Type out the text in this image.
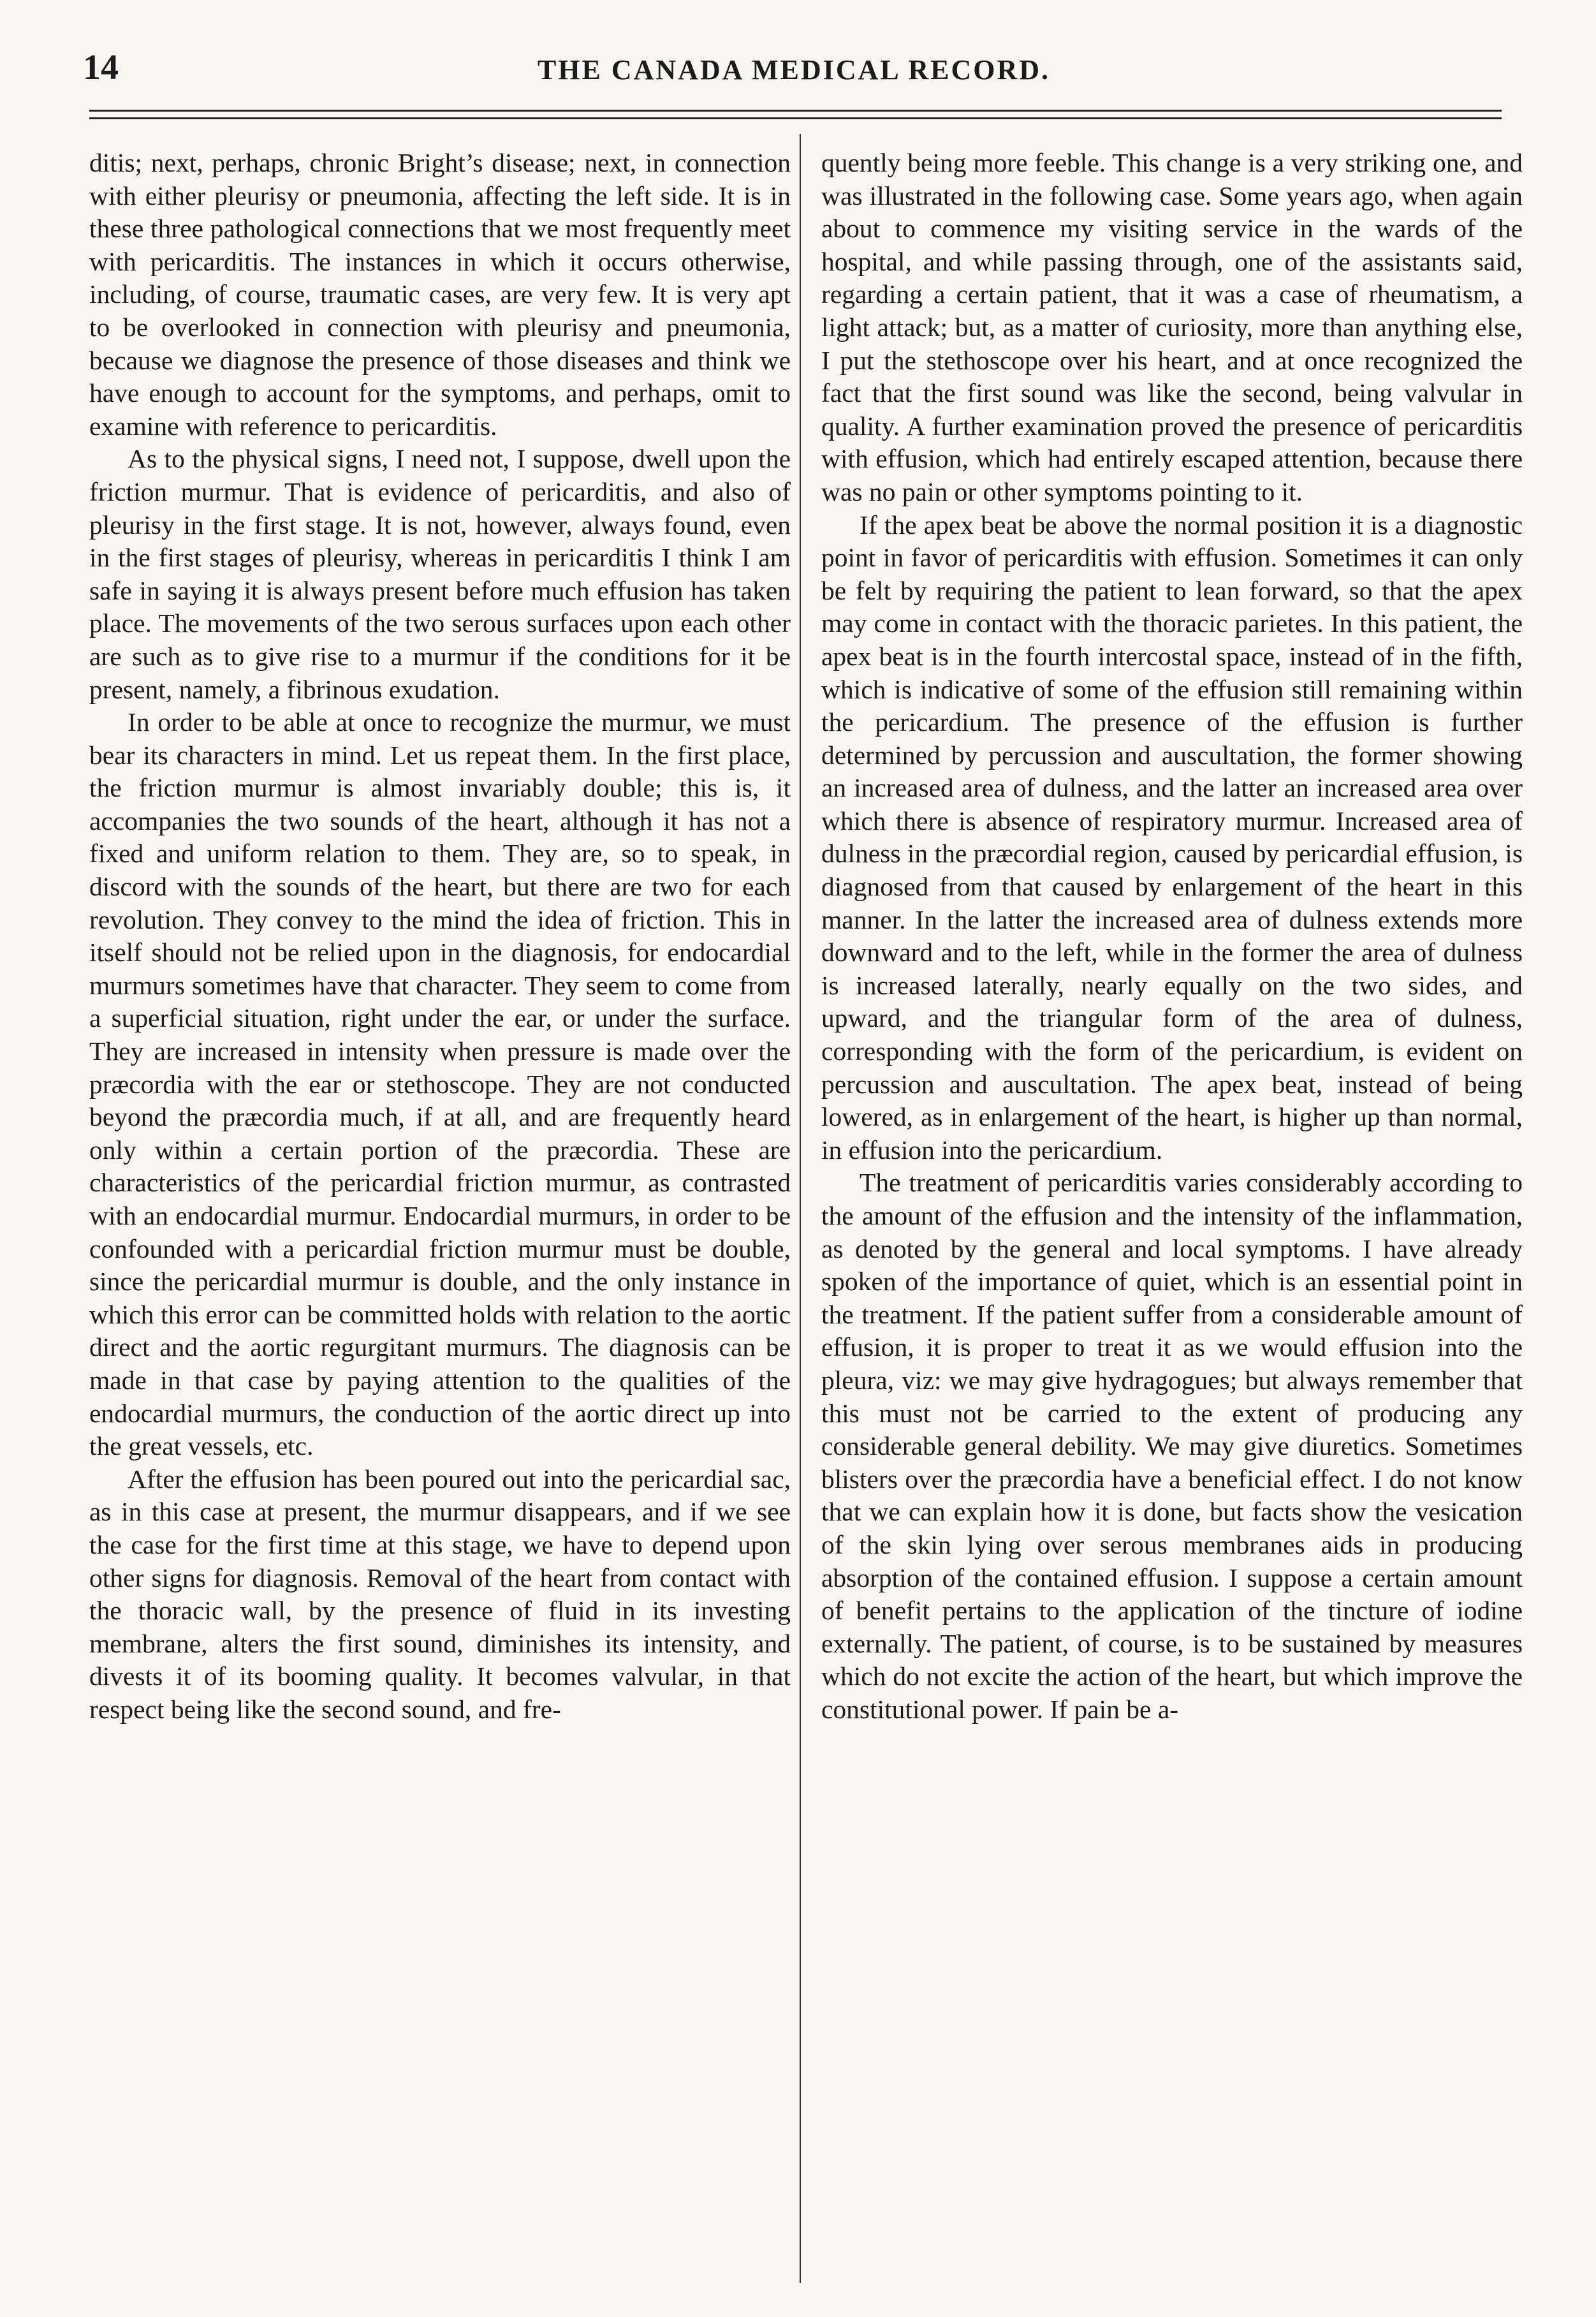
14	THE CANADA MEDICAL RECORD.

ditis; next, perhaps, chronic Bright’s disease; next, in connection with either pleurisy or pneumonia, affecting the left side. It is in these three pathological connections that we most frequently meet with pericarditis. The instances in which it occurs otherwise, including, of course, traumatic cases, are very few. It is very apt to be overlooked in connection with pleurisy and pneumonia, because we diagnose the presence of those diseases and think we have enough to account for the symptoms, and perhaps, omit to examine with reference to pericarditis.

As to the physical signs, I need not, I suppose, dwell upon the friction murmur. That is evidence of pericarditis, and also of pleurisy in the first stage. It is not, however, always found, even in the first stages of pleurisy, whereas in pericarditis I think I am safe in saying it is always present before much effusion has taken place. The movements of the two serous surfaces upon each other are such as to give rise to a murmur if the conditions for it be present, namely, a fibrinous exudation.

In order to be able at once to recognize the murmur, we must bear its characters in mind. Let us repeat them. In the first place, the friction murmur is almost invariably double; this is, it accompanies the two sounds of the heart, although it has not a fixed and uniform relation to them. They are, so to speak, in discord with the sounds of the heart, but there are two for each revolution. They convey to the mind the idea of friction. This in itself should not be relied upon in the diagnosis, for endocardial murmurs sometimes have that character. They seem to come from a superficial situation, right under the ear, or under the surface. They are increased in intensity when pressure is made over the præcordia with the ear or stethoscope. They are not conducted beyond the præcordia much, if at all, and are frequently heard only within a certain portion of the præcordia. These are characteristics of the pericardial friction murmur, as contrasted with an endocardial murmur. Endocardial murmurs, in order to be confounded with a pericardial friction murmur must be double, since the pericardial murmur is double, and the only instance in which this error can be committed holds with relation to the aortic direct and the aortic regurgitant murmurs. The diagnosis can be made in that case by paying attention to the qualities of the endocardial murmurs, the conduction of the aortic direct up into the great vessels, etc.

After the effusion has been poured out into the pericardial sac, as in this case at present, the murmur disappears, and if we see the case for the first time at this stage, we have to depend upon other signs for diagnosis. Removal of the heart from contact with the thoracic wall, by the presence of fluid in its investing membrane, alters the first sound, diminishes its intensity, and divests it of its booming quality. It becomes valvular, in that respect being like the second sound, and fre-

quently being more feeble. This change is a very striking one, and was illustrated in the following case. Some years ago, when again about to commence my visiting service in the wards of the hospital, and while passing through, one of the assistants said, regarding a certain patient, that it was a case of rheumatism, a light attack; but, as a matter of curiosity, more than anything else, I put the stethoscope over his heart, and at once recognized the fact that the first sound was like the second, being valvular in quality. A further examination proved the presence of pericarditis with effusion, which had entirely escaped attention, because there was no pain or other symptoms pointing to it.

If the apex beat be above the normal position it is a diagnostic point in favor of pericarditis with effusion. Sometimes it can only be felt by requiring the patient to lean forward, so that the apex may come in contact with the thoracic parietes. In this patient, the apex beat is in the fourth intercostal space, instead of in the fifth, which is indicative of some of the effusion still remaining within the pericardium. The presence of the effusion is further determined by percussion and auscultation, the former showing an increased area of dulness, and the latter an increased area over which there is absence of respiratory murmur. Increased area of dulness in the præcordial region, caused by pericardial effusion, is diagnosed from that caused by enlargement of the heart in this manner. In the latter the increased area of dulness extends more downward and to the left, while in the former the area of dulness is increased laterally, nearly equally on the two sides, and upward, and the triangular form of the area of dulness, corresponding with the form of the pericardium, is evident on percussion and auscultation. The apex beat, instead of being lowered, as in enlargement of the heart, is higher up than normal, in effusion into the pericardium.

The treatment of pericarditis varies considerably according to the amount of the effusion and the intensity of the inflammation, as denoted by the general and local symptoms. I have already spoken of the importance of quiet, which is an essential point in the treatment. If the patient suffer from a considerable amount of effusion, it is proper to treat it as we would effusion into the pleura, viz: we may give hydragogues; but always remember that this must not be carried to the extent of producing any considerable general debility. We may give diuretics. Sometimes blisters over the præcordia have a beneficial effect. I do not know that we can explain how it is done, but facts show the vesication of the skin lying over serous membranes aids in producing absorption of the contained effusion. I suppose a certain amount of benefit pertains to the application of the tincture of iodine externally. The patient, of course, is to be sustained by measures which do not excite the action of the heart, but which improve the constitutional power. If pain be a-
